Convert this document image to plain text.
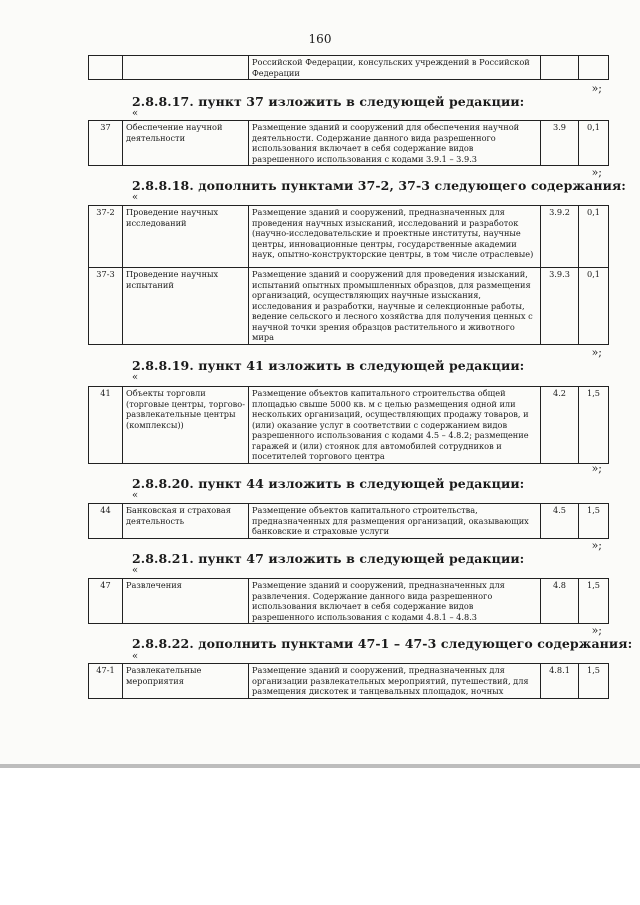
160
		Российской Федерации, консульских учреждений в Российской Федерации		
»;
2.8.8.17. пункт 37 изложить в следующей редакции:
«
37	Обеспечение научной деятельности	Размещение зданий и сооружений для обеспечения научной деятельности. Содержание данного вида разрешенного использования включает в себя содержание видов разрешенного использования с кодами 3.9.1 – 3.9.3	3.9	0,1
»;
2.8.8.18. дополнить пунктами 37-2, 37-3 следующего содержания:
«
37-2	Проведение научных исследований	Размещение зданий и сооружений, предназначенных для проведения научных изысканий, исследований и разработок (научно-исследовательские и проектные институты, научные центры, инновационные центры, государственные академии наук, опытно-конструкторские центры, в том числе отраслевые)	3.9.2	0,1
37-3	Проведение научных испытаний	Размещение зданий и сооружений для проведения изысканий, испытаний опытных промышленных образцов, для размещения организаций, осуществляющих научные изыскания, исследования и разработки, научные и селекционные работы, ведение сельского и лесного хозяйства для получения ценных с научной точки зрения образцов растительного и животного мира	3.9.3	0,1
»;
2.8.8.19. пункт 41 изложить в следующей редакции:
«
41	Объекты торговли (торговые центры, торгово-развлекательные центры (комплексы))	Размещение объектов капитального строительства общей площадью свыше 5000 кв. м с целью размещения одной или нескольких организаций, осуществляющих продажу товаров, и (или) оказание услуг в соответствии с содержанием видов разрешенного использования с кодами 4.5 – 4.8.2; размещение гаражей и (или) стоянок для автомобилей сотрудников и посетителей торгового центра	4.2	1,5
»;
2.8.8.20. пункт 44 изложить в следующей редакции:
«
44	Банковская и страховая деятельность	Размещение объектов капитального строительства, предназначенных для размещения организаций, оказывающих банковские и страховые услуги	4.5	1,5
»;
2.8.8.21. пункт 47 изложить в следующей редакции:
«
47	Развлечения	Размещение зданий и сооружений, предназначенных для развлечения. Содержание данного вида разрешенного использования включает в себя содержание видов разрешенного использования с кодами 4.8.1 – 4.8.3	4.8	1,5
»;
2.8.8.22. дополнить пунктами 47-1 – 47-3 следующего содержания:
«
47-1	Развлекательные мероприятия	Размещение зданий и сооружений, предназначенных для организации развлекательных мероприятий, путешествий, для размещения дискотек и танцевальных площадок, ночных	4.8.1	1,5
